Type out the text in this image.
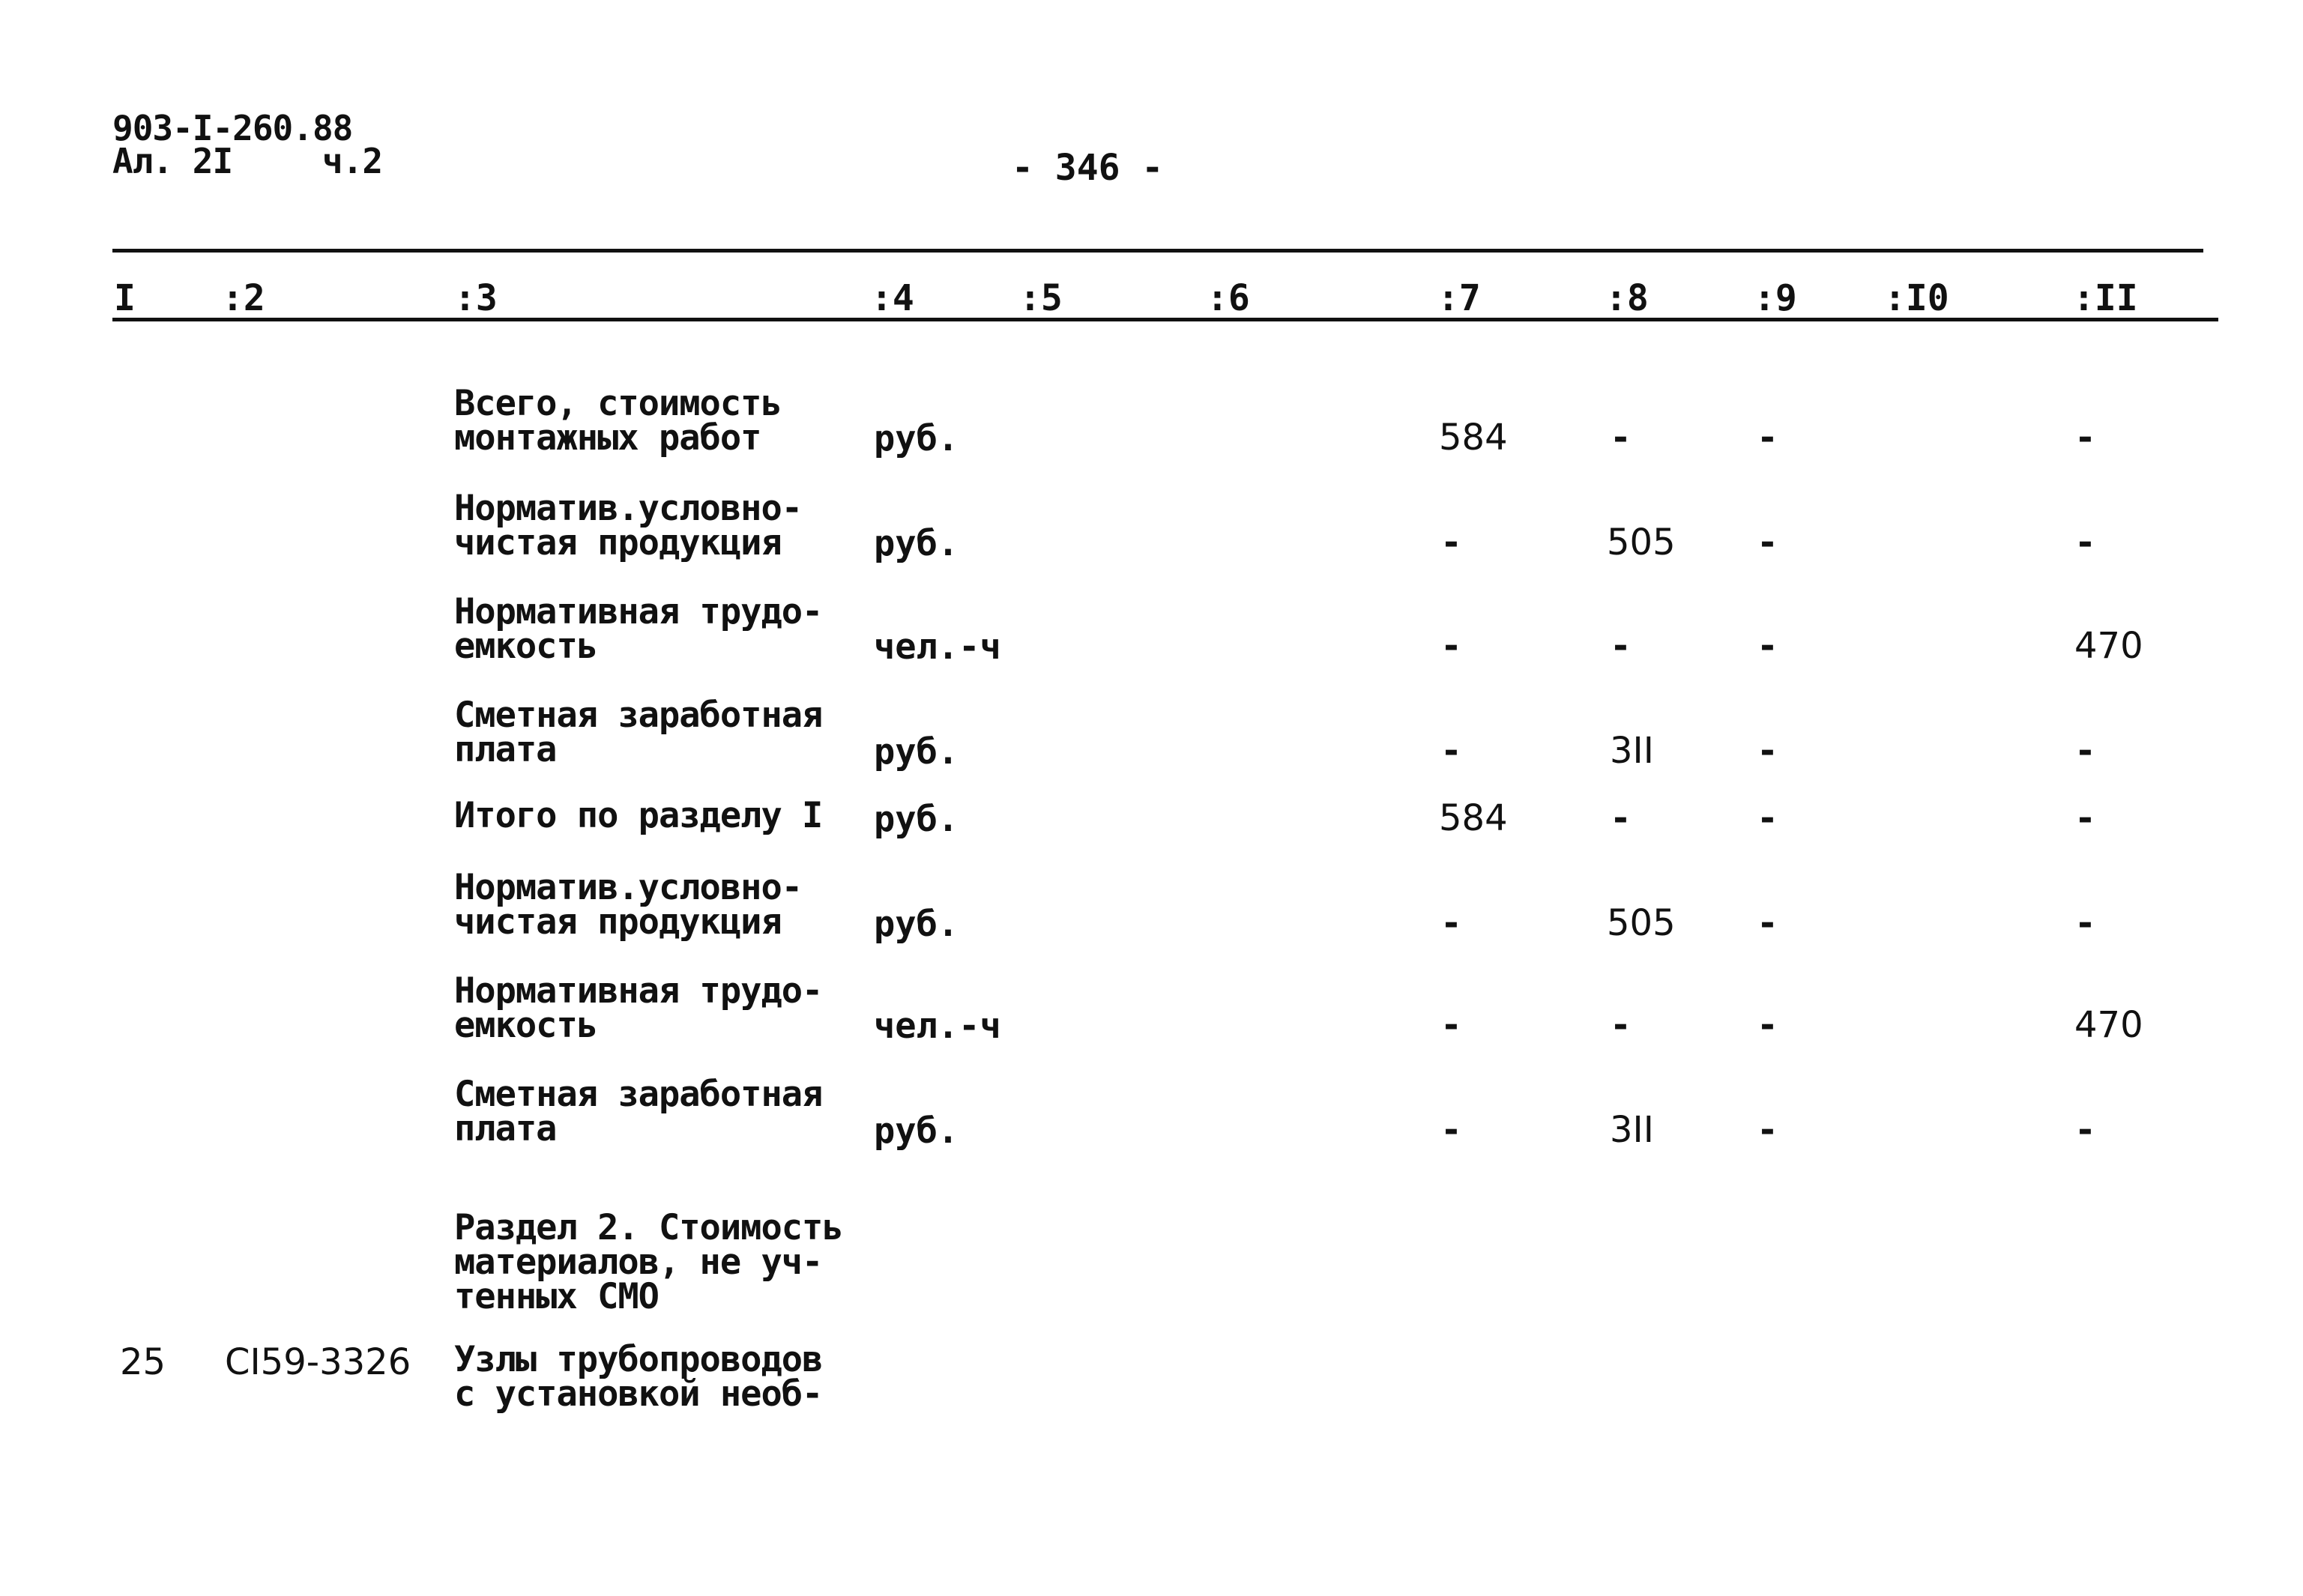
903-I-260.88
Ал. 2I	ч.2	- 346 -
I :2	:3	:4	:5	:6	:7	:8	:9 :I0	:II
Всего, стоимость
монтажных работ	руб.	584	-	-	-
Норматив.условно-
чистая продукция	руб.	-	505 -	-
Нормативная трудо-
емкость	чел.-ч	-	-	-	470
Сметная заработная
плата	руб.	-	3II	-	-
Итого по разделу I руб.	584	-	-	-
Норматив.условно-
чистая продукция	руб.	-	505 -	-
Нормативная трудо-
емкость	чел.-ч	-	-	-	470
Сметная заработная
плата	руб.	-	3II	-	-
Раздел 2. Стоимость
материалов, не уч-
тенных СМО
25 CI59-3326 Узлы трубопроводов
с установкой необ-
